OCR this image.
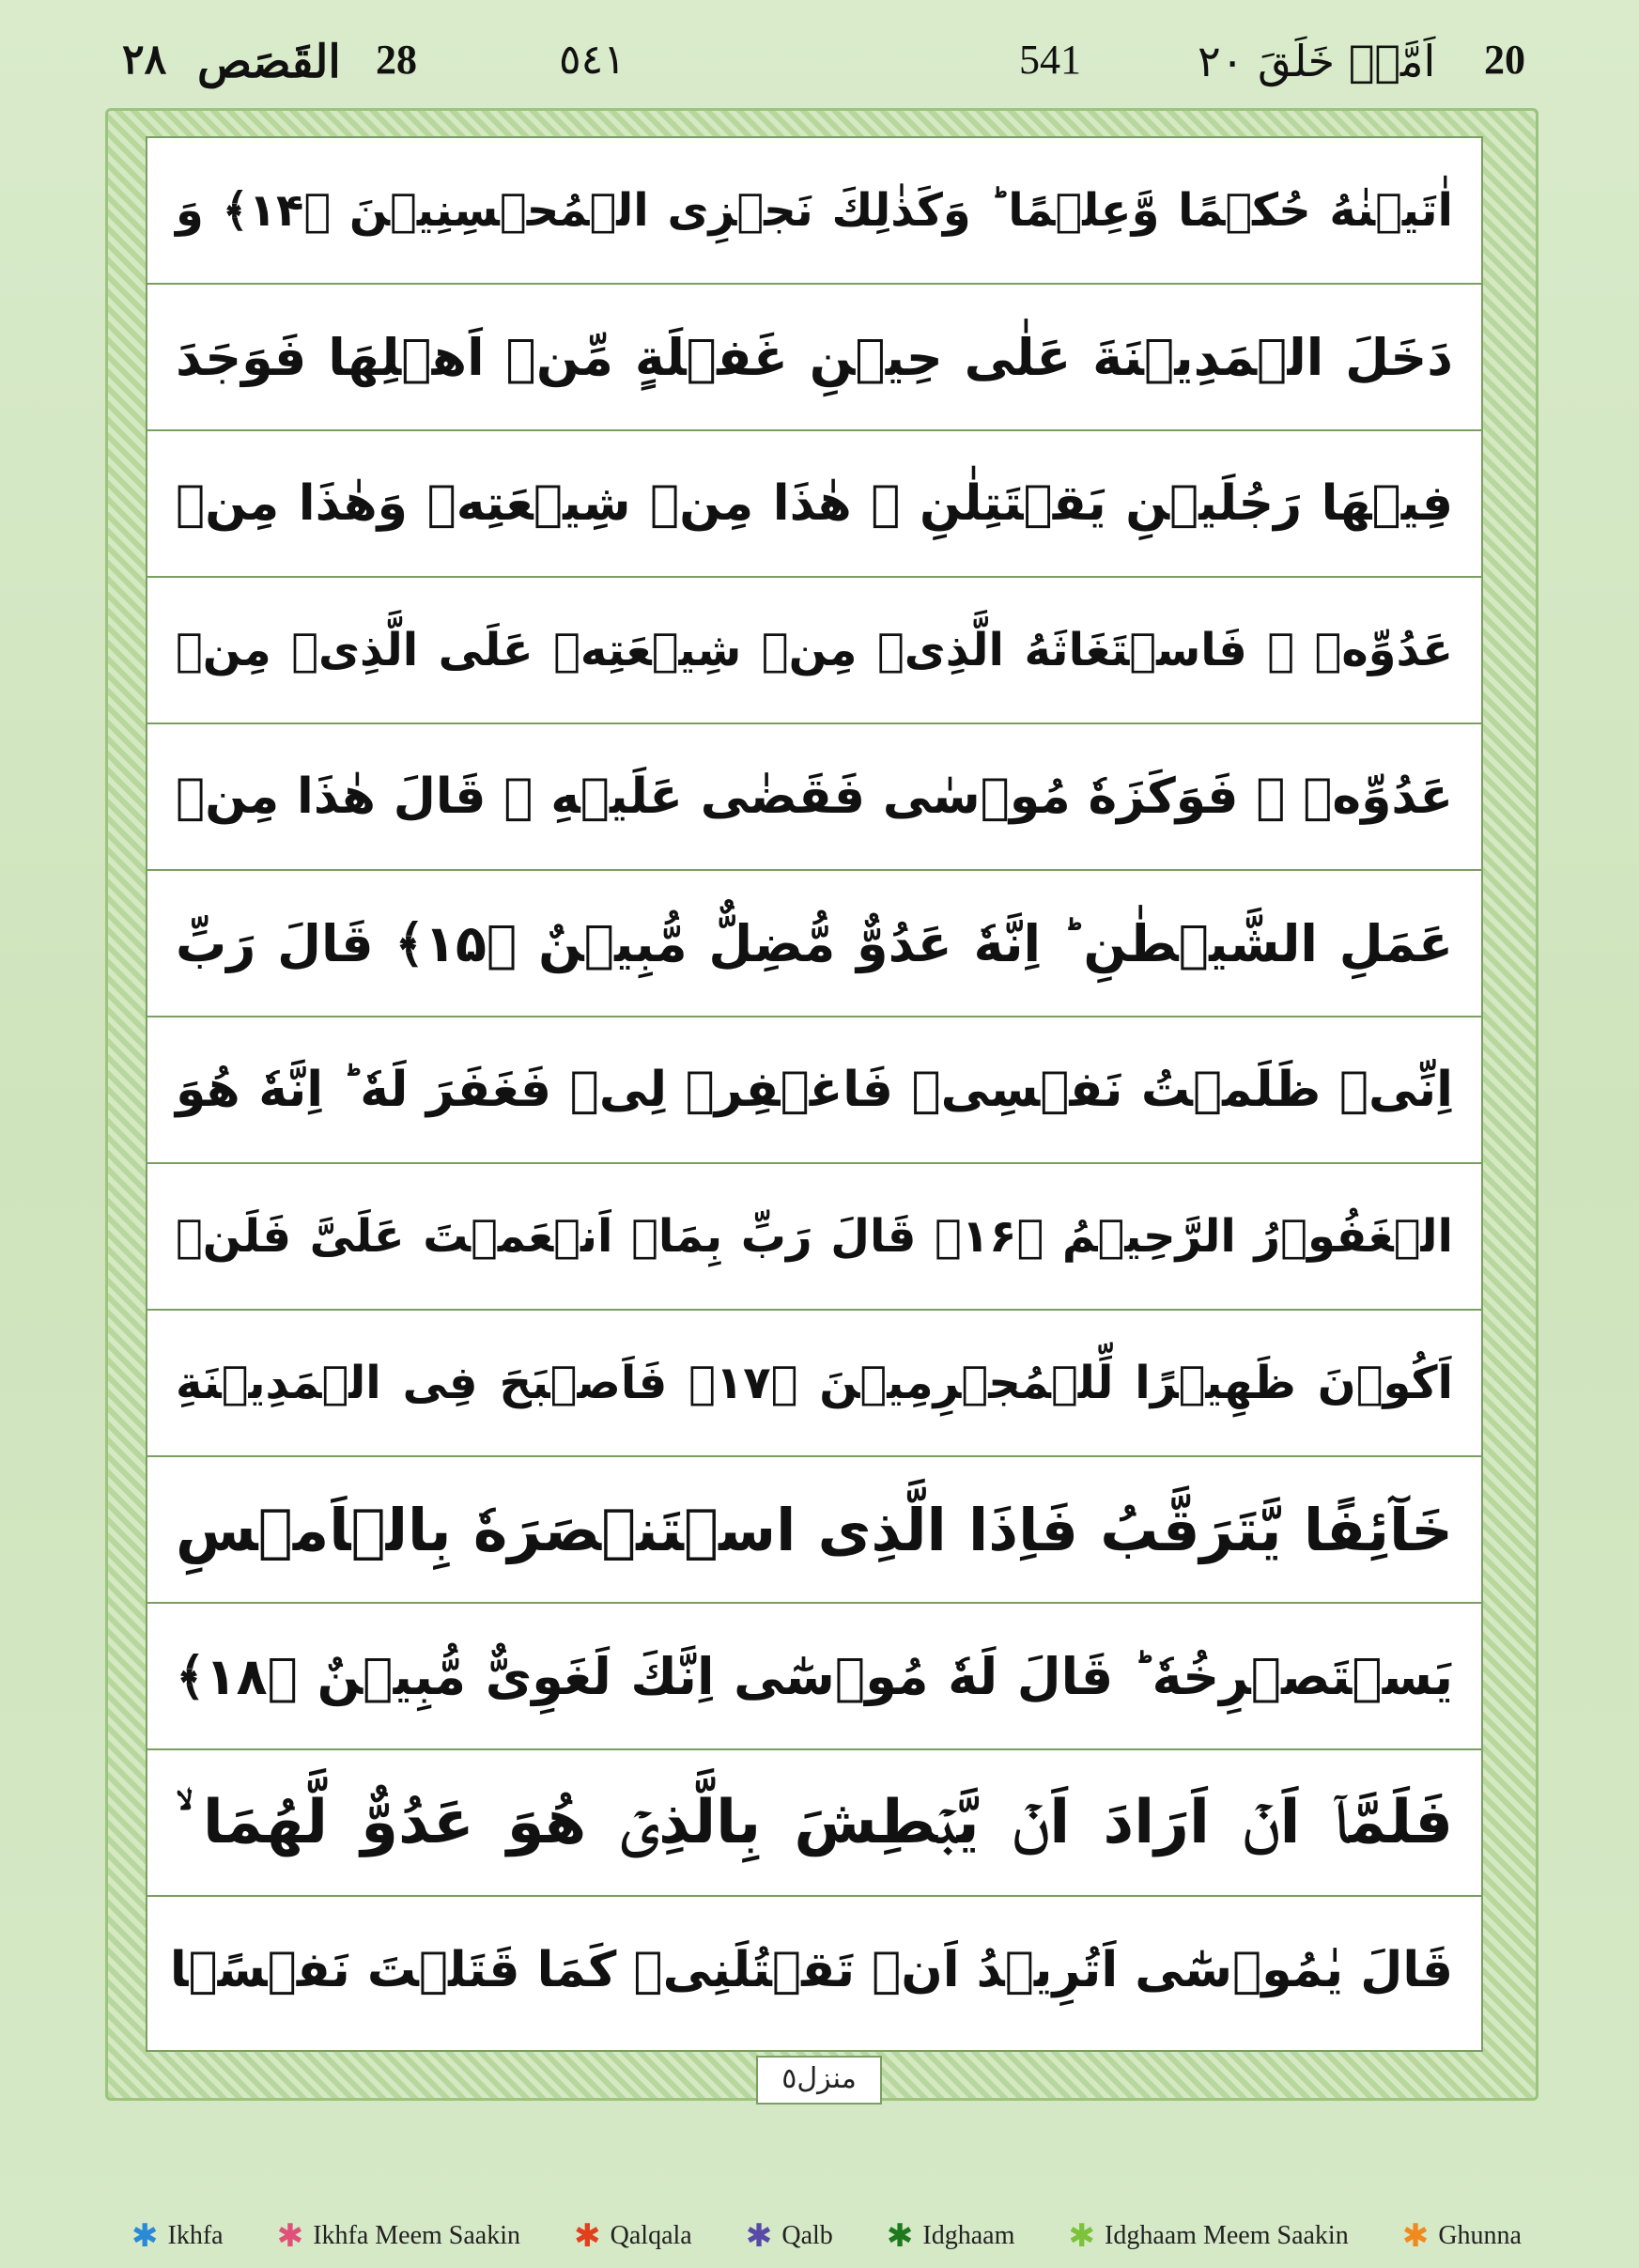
٢٨ القَصَص 28	٥٤١	541	اَمَّنۡ خَلَقَ ٢٠ 20
اٰتَيۡنٰهُ حُكۡمًا وَّعِلۡمًا ؕ وَكَذٰلِكَ نَجۡزِى الۡمُحۡسِنِيۡنَ ﴿۱۴﴾ وَ
دَخَلَ الۡمَدِيۡنَةَ عَلٰى حِيۡنِ غَفۡلَةٍ مِّنۡ اَهۡلِهَا فَوَجَدَ
فِيۡهَا رَجُلَيۡنِ يَقۡتَتِلٰنِ ۖ هٰذَا مِنۡ شِيۡعَتِهٖ وَهٰذَا مِنۡ
عَدُوِّهٖ ۚ فَاسۡتَغَاثَهُ الَّذِىۡ مِنۡ شِيۡعَتِهٖ عَلَى الَّذِىۡ مِنۡ
عَدُوِّهٖ ۙ فَوَكَزَهٗ مُوۡسٰى فَقَضٰى عَلَيۡهِ ۖ قَالَ هٰذَا مِنۡ
عَمَلِ الشَّيۡطٰنِ ؕ اِنَّهٗ عَدُوٌّ مُّضِلٌّ مُّبِيۡنٌ ﴿۱۵﴾ قَالَ رَبِّ
اِنِّىۡ ظَلَمۡتُ نَفۡسِىۡ فَاغۡفِرۡ لِىۡ فَغَفَرَ لَهٗ ؕ اِنَّهٗ هُوَ
الۡغَفُوۡرُ الرَّحِيۡمُ ﴿۱۶﴾ قَالَ رَبِّ بِمَاۤ اَنۡعَمۡتَ عَلَىَّ فَلَنۡ
اَكُوۡنَ ظَهِيۡرًا لِّلۡمُجۡرِمِيۡنَ ﴿۱۷﴾ فَاَصۡبَحَ فِى الۡمَدِيۡنَةِ
خَآئِفًا يَّتَرَقَّبُ فَاِذَا الَّذِى اسۡتَنۡصَرَهٗ بِالۡاَمۡسِ
يَسۡتَصۡرِخُهٗ ؕ قَالَ لَهٗ مُوۡسٰٓى اِنَّكَ لَغَوِىٌّ مُّبِيۡنٌ ﴿۱۸﴾
فَلَمَّاۤ اَنۡ اَرَادَ اَنۡ يَّبۡطِشَ بِالَّذِىۡ هُوَ عَدُوٌّ لَّهُمَا ۙ
قَالَ يٰمُوۡسٰٓى اَتُرِيۡدُ اَنۡ تَقۡتُلَنِىۡ كَمَا قَتَلۡتَ نَفۡسًۢا
منزل٥
✱ Ikhfa ✱ Ikhfa Meem Saakin ✱ Qalqala ✱ Qalb ✱ Idghaam ✱ Idghaam Meem Saakin ✱ Ghunna
